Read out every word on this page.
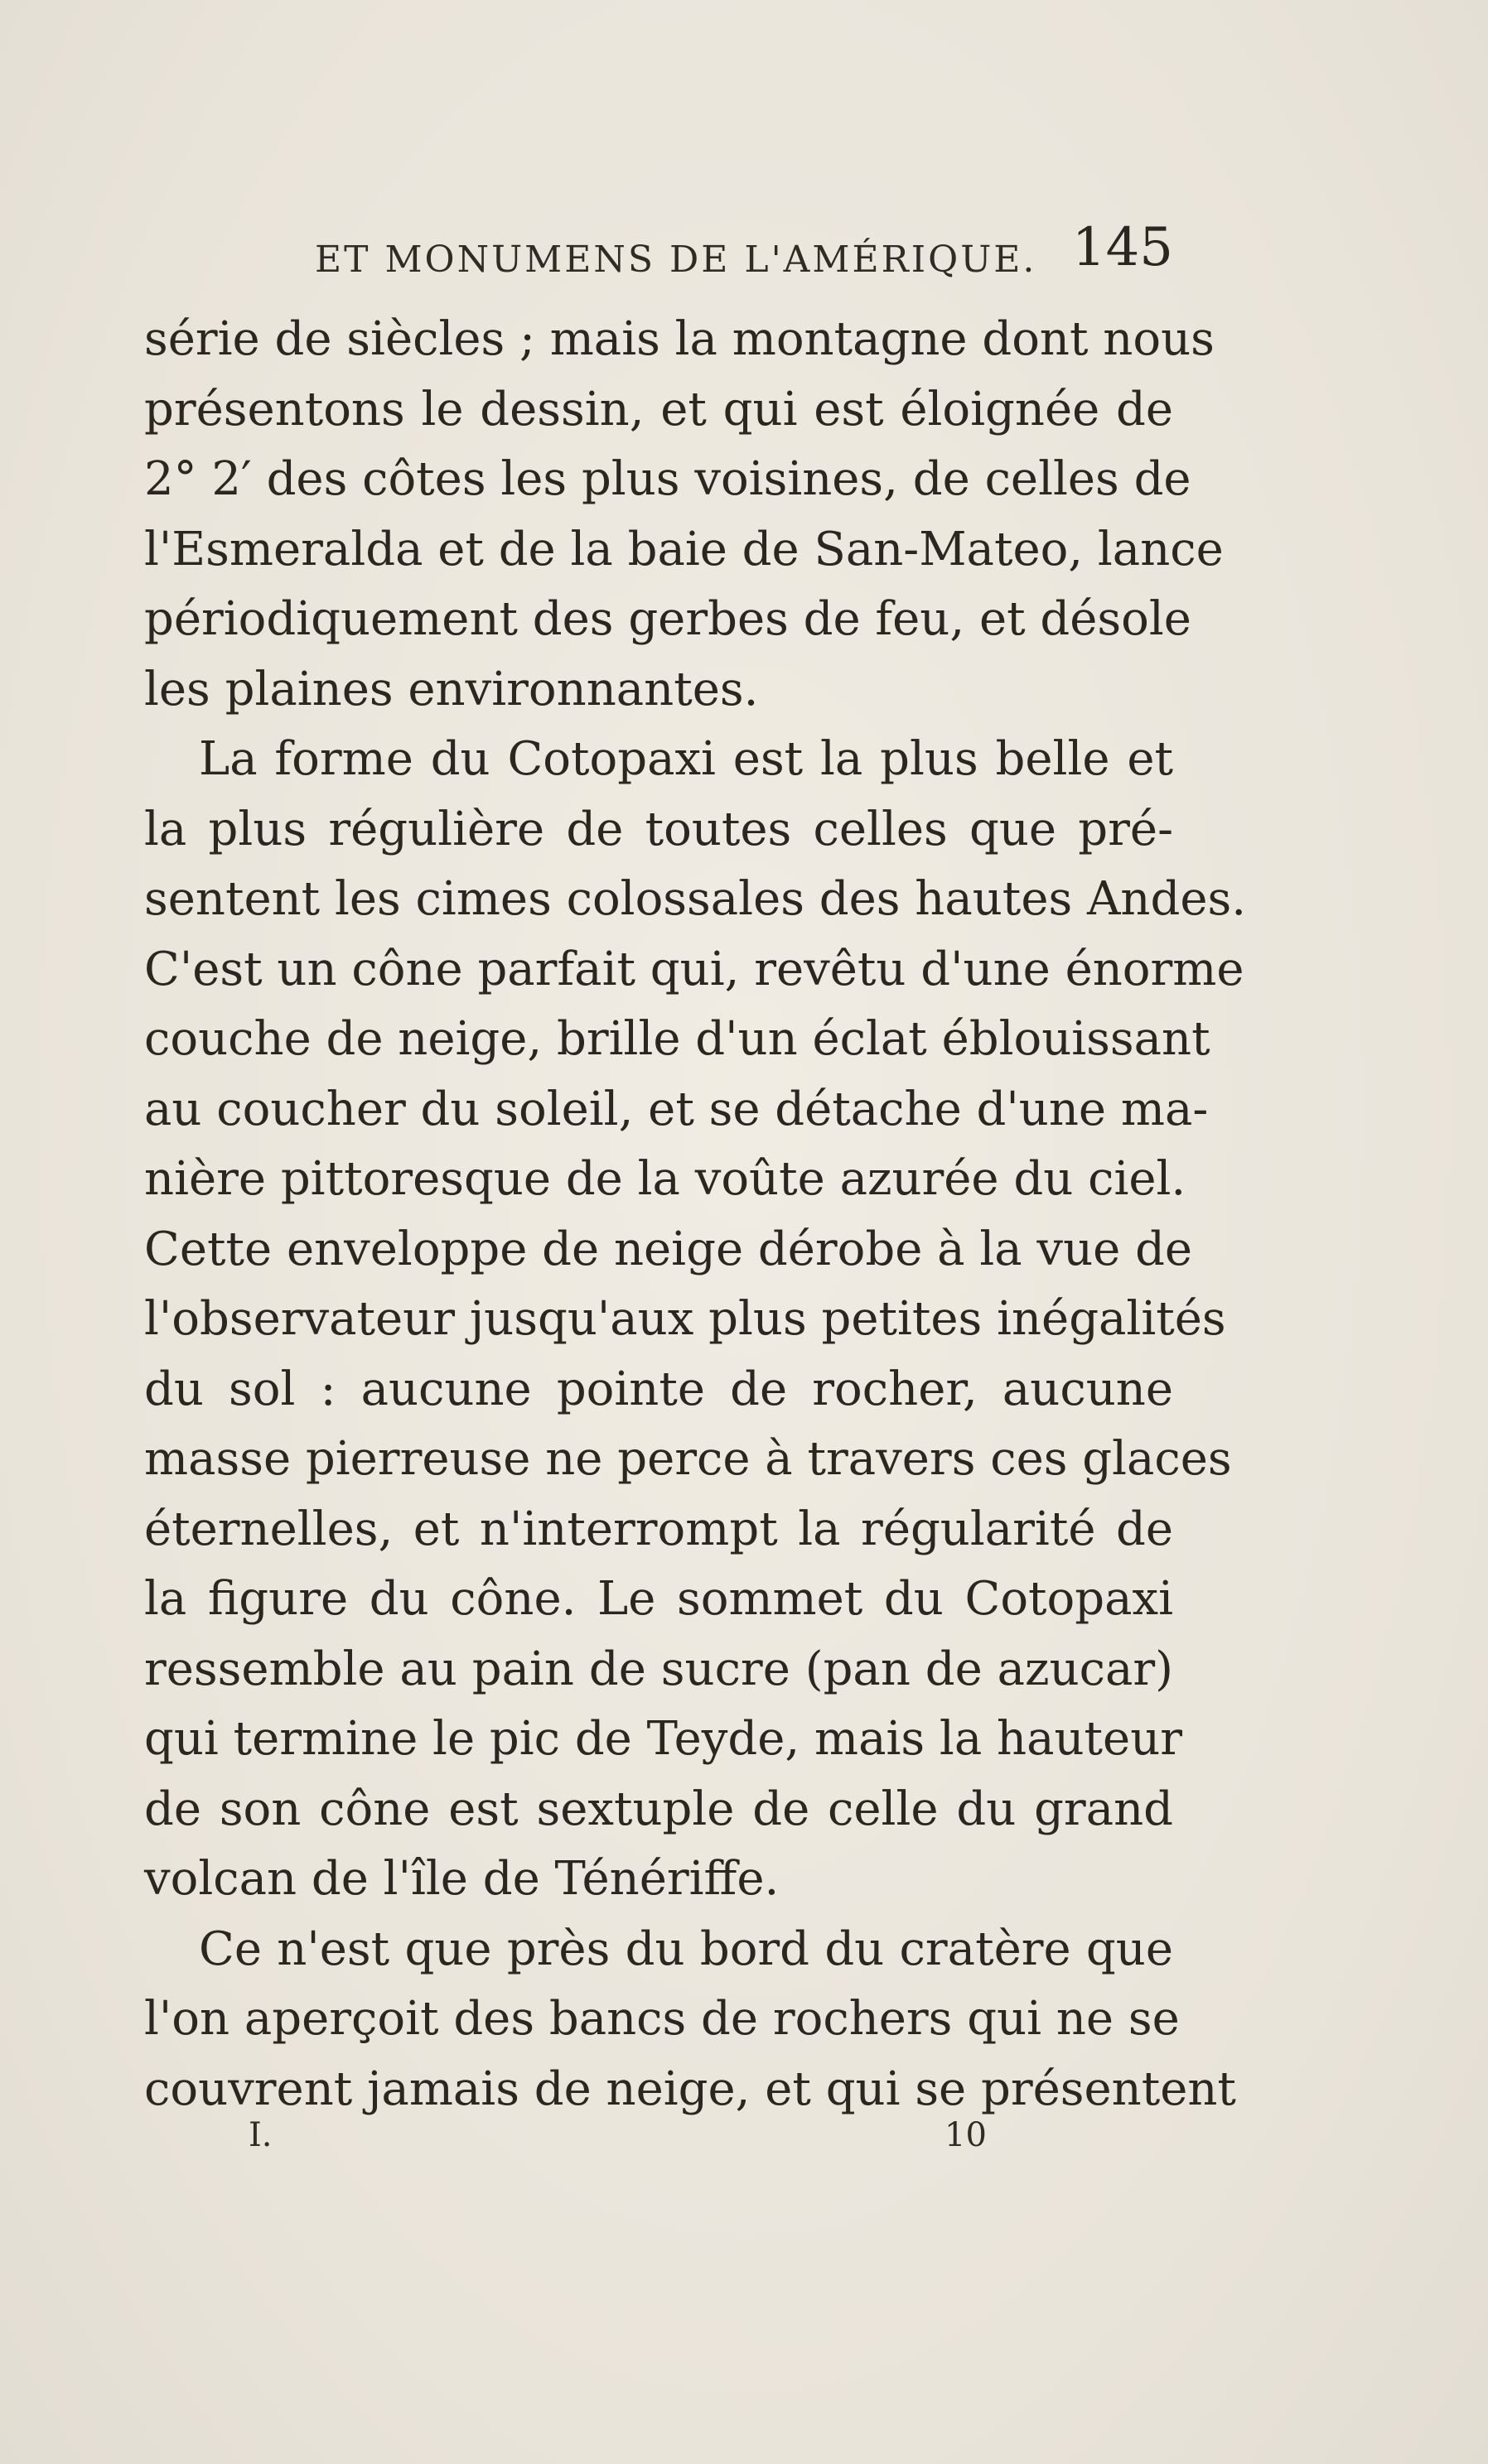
ET MONUMENS DE L'AMÉRIQUE. 145
série de siècles ; mais la montagne dont nous
présentons le dessin, et qui est éloignée de
2° 2′ des côtes les plus voisines, de celles de
l'Esmeralda et de la baie de San-Mateo, lance
périodiquement des gerbes de feu, et désole
les plaines environnantes.
La forme du Cotopaxi est la plus belle et
la plus régulière de toutes celles que pré-
sentent les cimes colossales des hautes Andes.
C'est un cône parfait qui, revêtu d'une énorme
couche de neige, brille d'un éclat éblouissant
au coucher du soleil, et se détache d'une ma-
nière pittoresque de la voûte azurée du ciel.
Cette enveloppe de neige dérobe à la vue de
l'observateur jusqu'aux plus petites inégalités
du sol : aucune pointe de rocher, aucune
masse pierreuse ne perce à travers ces glaces
éternelles, et n'interrompt la régularité de
la figure du cône. Le sommet du Cotopaxi
ressemble au pain de sucre (pan de azucar)
qui termine le pic de Teyde, mais la hauteur
de son cône est sextuple de celle du grand
volcan de l'île de Ténériffe.
Ce n'est que près du bord du cratère que
l'on aperçoit des bancs de rochers qui ne se
couvrent jamais de neige, et qui se présentent
I.	10
